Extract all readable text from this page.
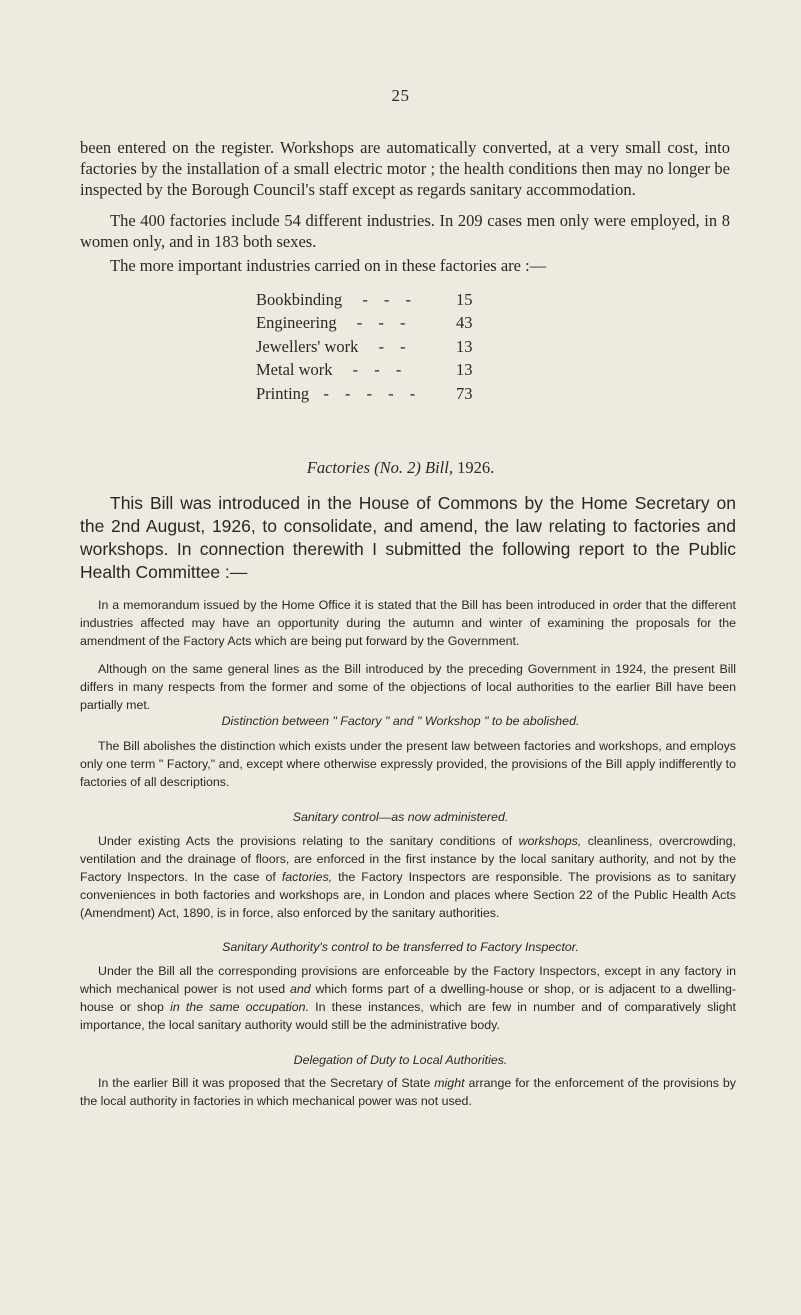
25

been entered on the register. Workshops are automatically converted, at a very small cost, into factories by the installation of a small electric motor ; the health conditions then may no longer be inspected by the Borough Council's staff except as regards sanitary accommodation.

The 400 factories include 54 different industries. In 209 cases men only were employed, in 8 women only, and in 183 both sexes.

The more important industries carried on in these factories are :—

Bookbinding - - -	15
Engineering - - -	43
Jewellers' work - -	13
Metal work - - -	13
Printing - - - - -	73
Factories (No. 2) Bill, 1926.

This Bill was introduced in the House of Commons by the Home Secretary on the 2nd August, 1926, to consolidate, and amend, the law relating to factories and workshops. In connection therewith I submitted the following report to the Public Health Committee :—

In a memorandum issued by the Home Office it is stated that the Bill has been introduced in order that the different industries affected may have an opportunity during the autumn and winter of examining the proposals for the amendment of the Factory Acts which are being put forward by the Government.

Although on the same general lines as the Bill introduced by the preceding Government in 1924, the present Bill differs in many respects from the former and some of the objections of local authorities to the earlier Bill have been partially met.

Distinction between " Factory " and " Workshop " to be abolished.

The Bill abolishes the distinction which exists under the present law between factories and workshops, and employs only one term " Factory," and, except where otherwise expressly provided, the provisions of the Bill apply indifferently to factories of all descriptions.

Sanitary control—as now administered.

Under existing Acts the provisions relating to the sanitary conditions of workshops, cleanliness, overcrowding, ventilation and the drainage of floors, are enforced in the first instance by the local sanitary authority, and not by the Factory Inspectors. In the case of factories, the Factory Inspectors are responsible. The provisions as to sanitary conveniences in both factories and workshops are, in London and places where Section 22 of the Public Health Acts (Amendment) Act, 1890, is in force, also enforced by the sanitary authorities.

Sanitary Authority's control to be transferred to Factory Inspector.

Under the Bill all the corresponding provisions are enforceable by the Factory Inspectors, except in any factory in which mechanical power is not used and which forms part of a dwelling-house or shop, or is adjacent to a dwelling-house or shop in the same occupation. In these instances, which are few in number and of comparatively slight importance, the local sanitary authority would still be the administrative body.

Delegation of Duty to Local Authorities.

In the earlier Bill it was proposed that the Secretary of State might arrange for the enforcement of the provisions by the local authority in factories in which mechanical power was not used.
